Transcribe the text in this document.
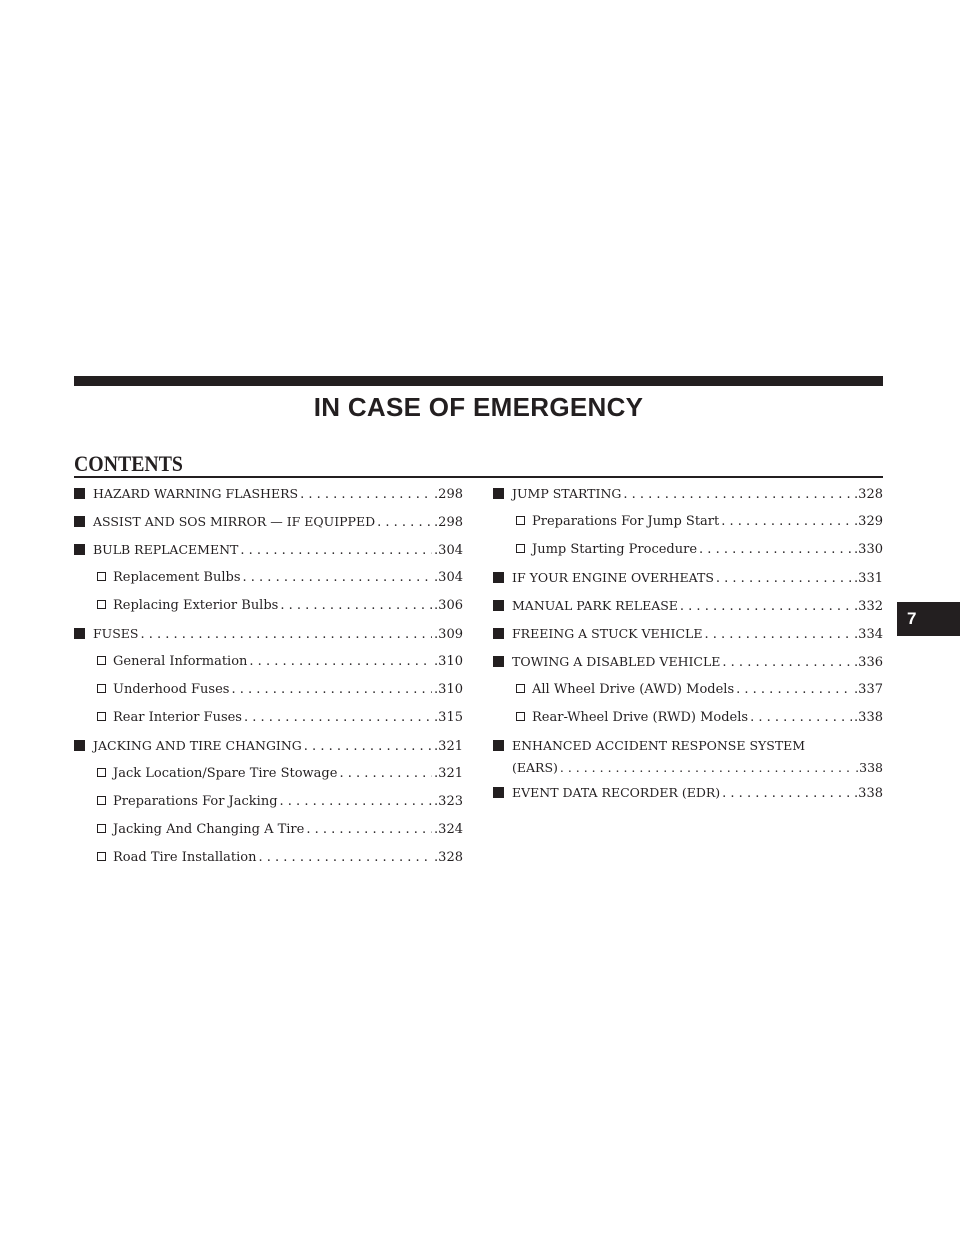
IN CASE OF EMERGENCY
CONTENTS
HAZARD WARNING FLASHERS . . .	.298
ASSIST AND SOS MIRROR — IF EQUIPPED . . .	.298
BULB REPLACEMENT . . .	.304
Replacement Bulbs . . .	.304
Replacing Exterior Bulbs . . .	.306
FUSES . . .	.309
General Information . . .	.310
Underhood Fuses . . .	.310
Rear Interior Fuses . . .	.315
JACKING AND TIRE CHANGING . . .	.321
Jack Location/Spare Tire Stowage . . .	.321
Preparations For Jacking . . .	.323
Jacking And Changing A Tire . . .	.324
Road Tire Installation . . .	.328
JUMP STARTING . . .	.328
Preparations For Jump Start . . .	.329
Jump Starting Procedure . . .	.330
IF YOUR ENGINE OVERHEATS . . .	.331
MANUAL PARK RELEASE . . .	.332
FREEING A STUCK VEHICLE . . .	.334
TOWING A DISABLED VEHICLE . . .	.336
All Wheel Drive (AWD) Models . . .	.337
Rear-Wheel Drive (RWD) Models . . .	.338
ENHANCED ACCIDENT RESPONSE SYSTEM
(EARS) . . .	.338
EVENT DATA RECORDER (EDR) . . .	.338
7
